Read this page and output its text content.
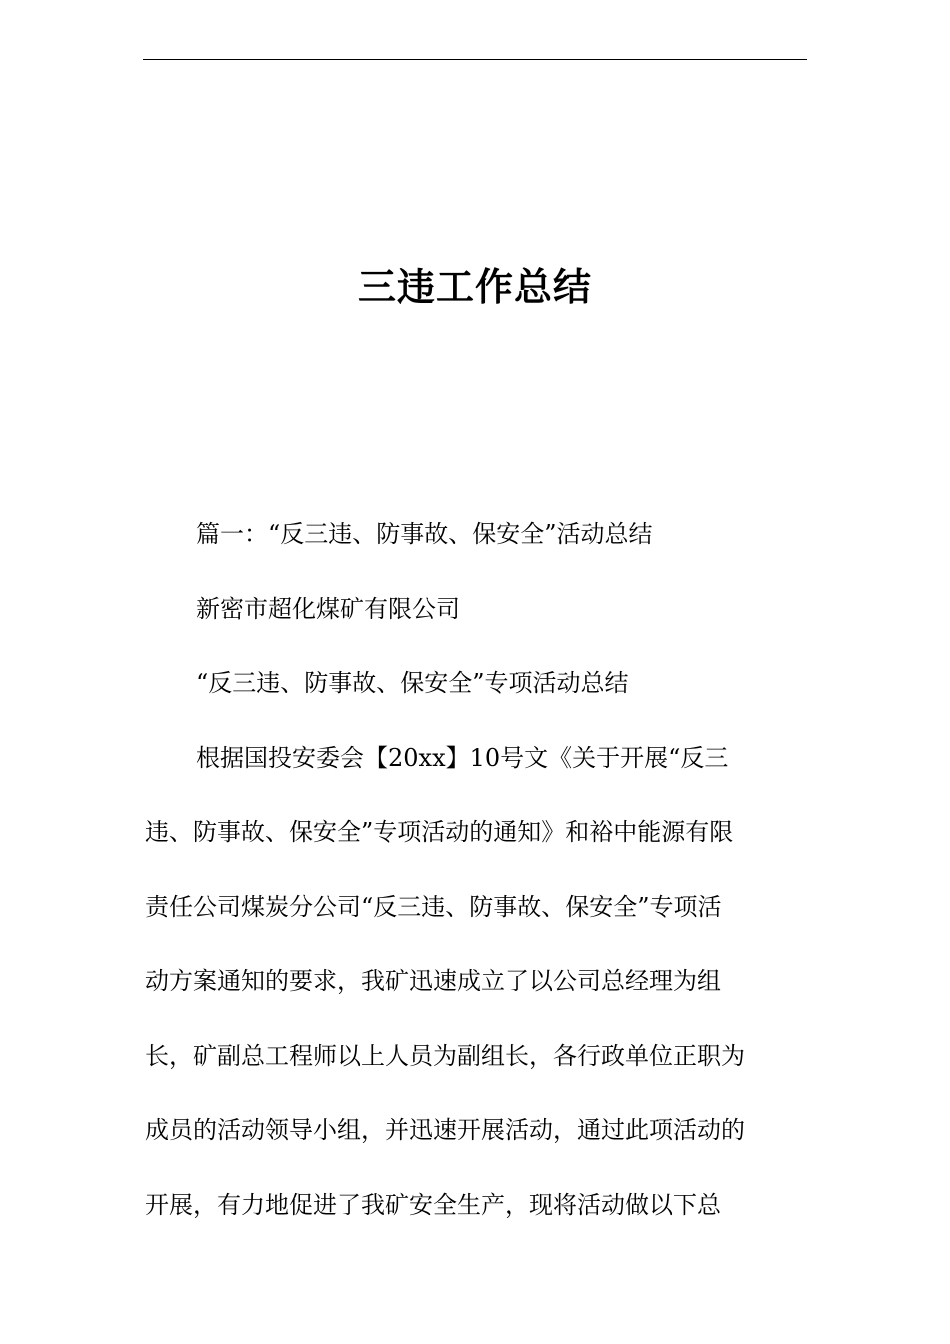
三违工作总结
篇一：“反三违、防事故、保安全”活动总结
新密市超化煤矿有限公司
“反三违、防事故、保安全”专项活动总结
根据国投安委会【20xx】10号文《关于开展“反三
违、防事故、保安全”专项活动的通知》和裕中能源有限
责任公司煤炭分公司“反三违、防事故、保安全”专项活
动方案通知的要求，我矿迅速成立了以公司总经理为组
长，矿副总工程师以上人员为副组长，各行政单位正职为
成员的活动领导小组，并迅速开展活动，通过此项活动的
开展，有力地促进了我矿安全生产，现将活动做以下总
